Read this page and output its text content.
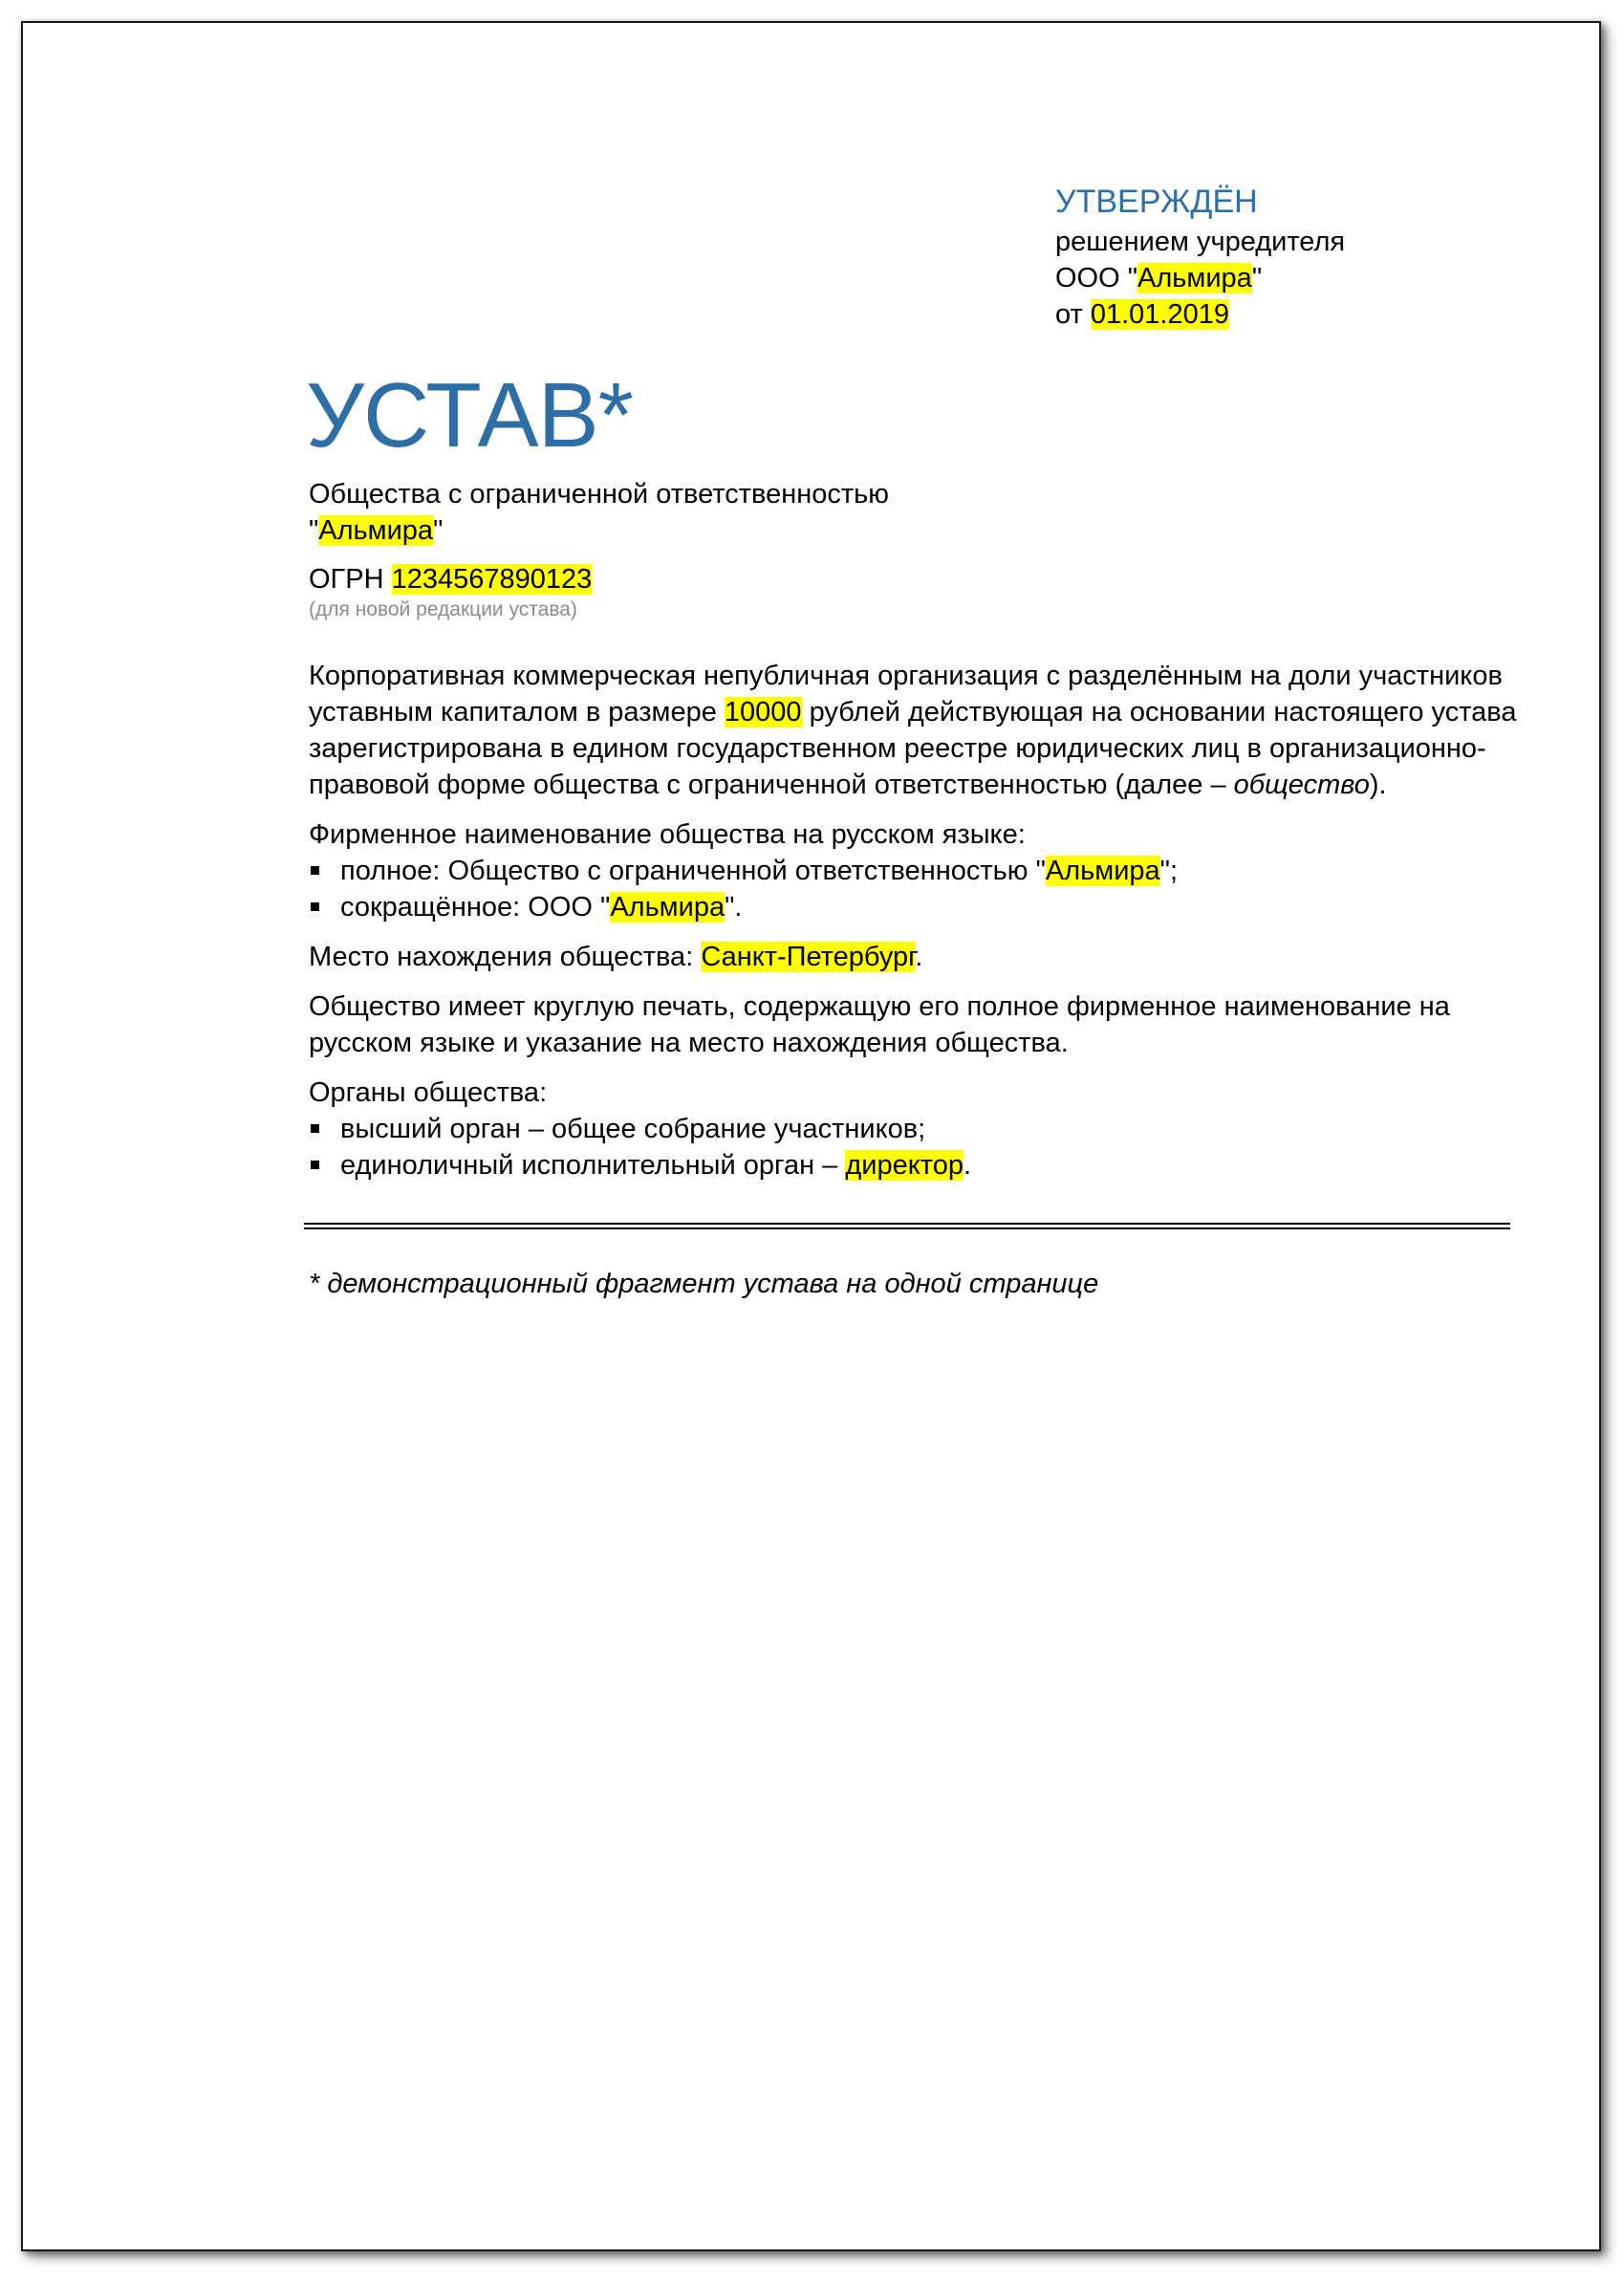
УТВЕРЖДЁН
решением учредителя
ООО "Альмира"
от 01.01.2019
УСТАВ*
Общества с ограниченной ответственностью
"Альмира"
ОГРН 1234567890123
(для новой редакции устава)

Корпоративная коммерческая непубличная организация с разделённым на доли участников уставным капиталом в размере 10000 рублей действующая на основании настоящего устава зарегистрирована в едином государственном реестре юридических лиц в организационно-правовой форме общества с ограниченной ответственностью (далее – общество).

Фирменное наименование общества на русском языке:

полное: Общество с ограниченной ответственностью "Альмира";
сокращённое: ООО "Альмира".

Место нахождения общества: Санкт-Петербург.

Общество имеет круглую печать, содержащую его полное фирменное наименование на русском языке и указание на место нахождения общества.

Органы общества:

высший орган – общее собрание участников;
единоличный исполнительный орган – директор.
* демонстрационный фрагмент устава на одной странице
